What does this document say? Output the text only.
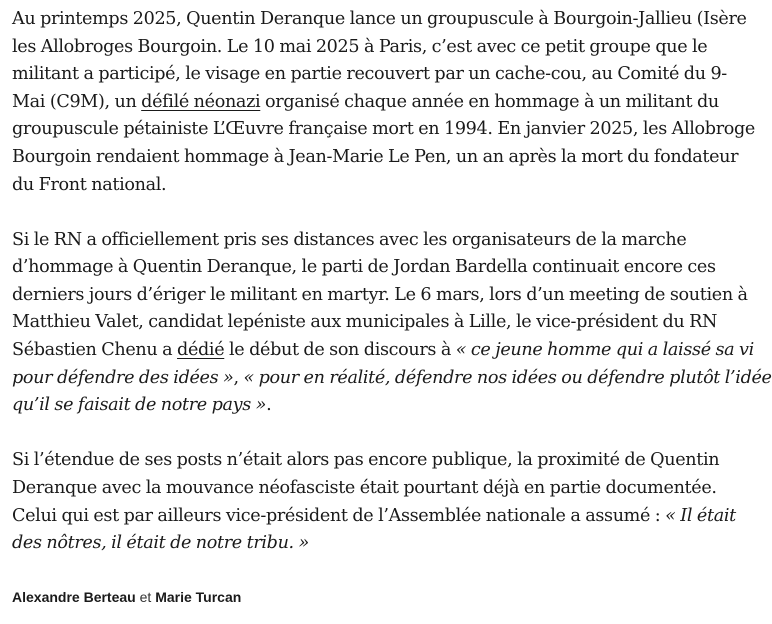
Au printemps 2025, Quentin Deranque lance un groupuscule à Bourgoin-Jallieu (Isère
les Allobroges Bourgoin. Le 10 mai 2025 à Paris, c’est avec ce petit groupe que le
militant a participé, le visage en partie recouvert par un cache-cou, au Comité du 9-
Mai (C9M), un défilé néonazi organisé chaque année en hommage à un militant du
groupuscule pétainiste L’Œuvre française mort en 1994. En janvier 2025, les Allobroge
Bourgoin rendaient hommage à Jean-Marie Le Pen, un an après la mort du fondateur
du Front national.

Si le RN a officiellement pris ses distances avec les organisateurs de la marche
d’hommage à Quentin Deranque, le parti de Jordan Bardella continuait encore ces
derniers jours d’ériger le militant en martyr. Le 6 mars, lors d’un meeting de soutien à
Matthieu Valet, candidat lepéniste aux municipales à Lille, le vice-président du RN
Sébastien Chenu a dédié le début de son discours à « ce jeune homme qui a laissé sa vi
pour défendre des idées », « pour en réalité, défendre nos idées ou défendre plutôt l’idée
qu’il se faisait de notre pays ».

Si l’étendue de ses posts n’était alors pas encore publique, la proximité de Quentin
Deranque avec la mouvance néofasciste était pourtant déjà en partie documentée.
Celui qui est par ailleurs vice-président de l’Assemblée nationale a assumé : « Il était
des nôtres, il était de notre tribu. »

Alexandre Berteau et Marie Turcan
